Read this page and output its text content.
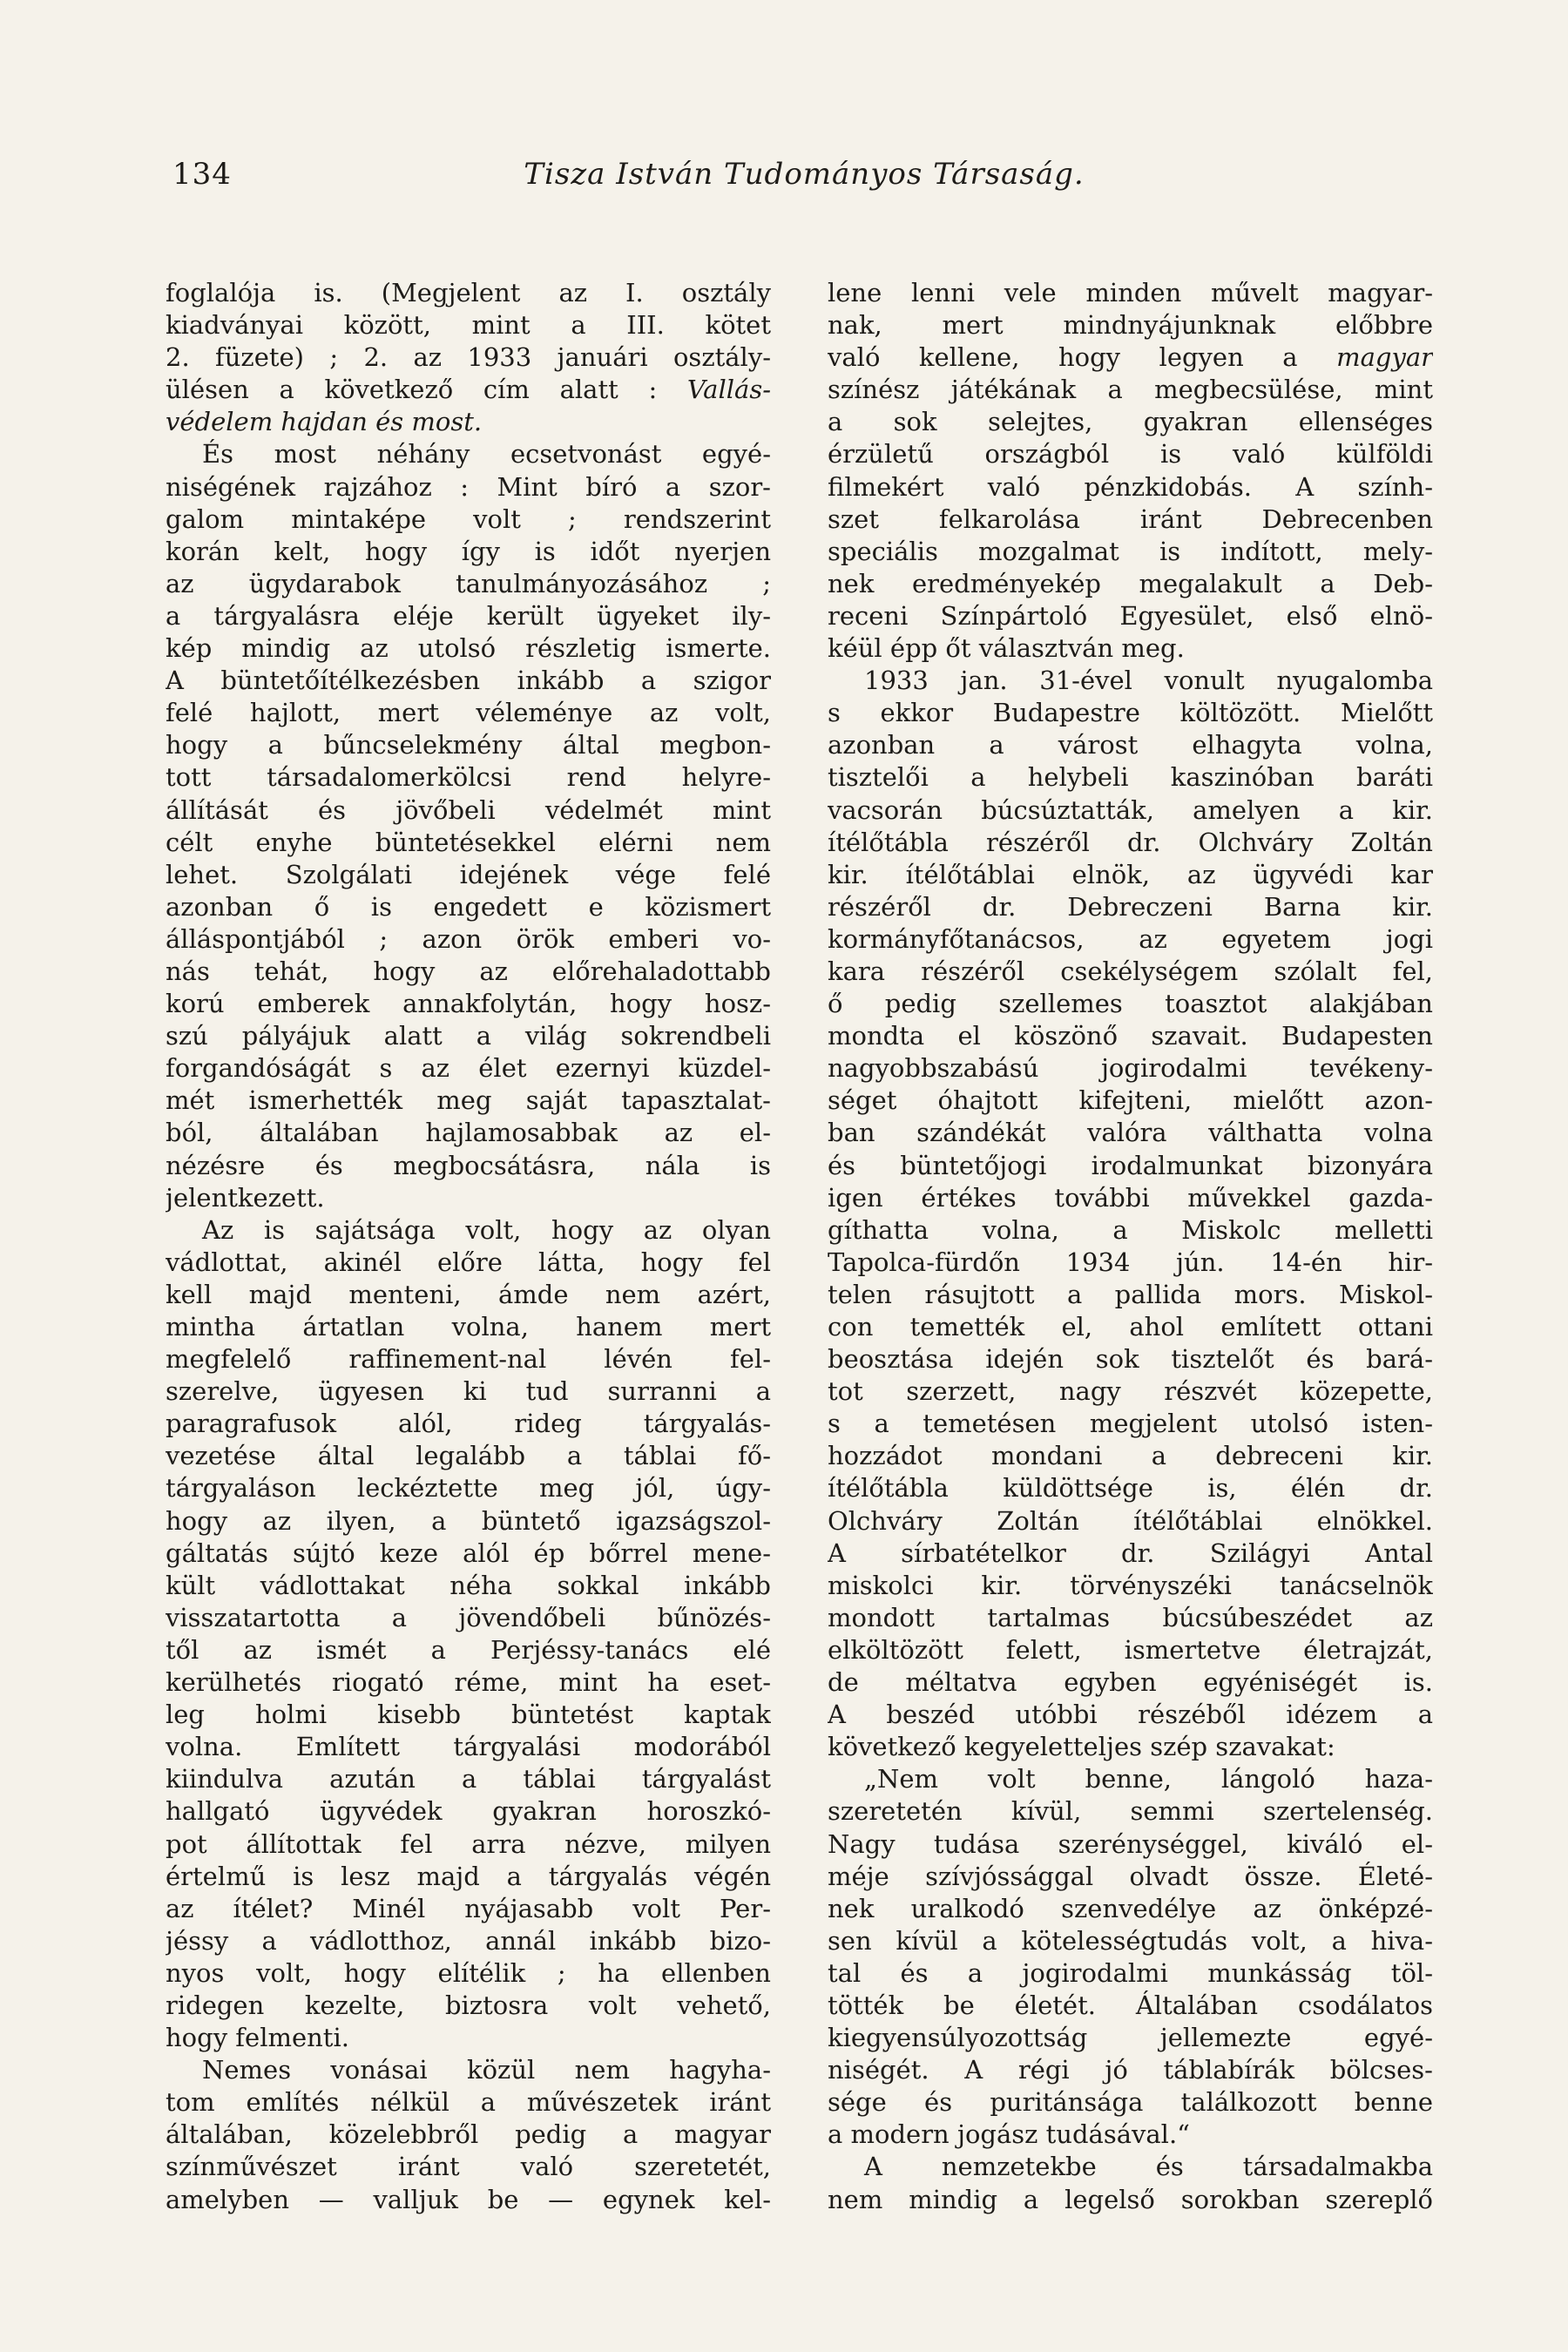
134	Tisza István Tudományos Társaság.
foglalója is. (Megjelent az I. osztály
kiadványai között, mint a III. kötet
2. füzete) ; 2. az 1933 januári osztály-
ülésen a következő cím alatt : Vallás-
védelem hajdan és most.
És most néhány ecsetvonást egyé-
niségének rajzához : Mint bíró a szor-
galom mintaképe volt ; rendszerint
korán kelt, hogy így is időt nyerjen
az ügydarabok tanulmányozásához ;
a tárgyalásra eléje került ügyeket ily-
kép mindig az utolsó részletig ismerte.
A büntetőítélkezésben inkább a szigor
felé hajlott, mert véleménye az volt,
hogy a bűncselekmény által megbon-
tott társadalomerkölcsi rend helyre-
állítását és jövőbeli védelmét mint
célt enyhe büntetésekkel elérni nem
lehet. Szolgálati idejének vége felé
azonban ő is engedett e közismert
álláspontjából ; azon örök emberi vo-
nás tehát, hogy az előrehaladottabb
korú emberek annakfolytán, hogy hosz-
szú pályájuk alatt a világ sokrendbeli
forgandóságát s az élet ezernyi küzdel-
mét ismerhették meg saját tapasztalat-
ból, általában hajlamosabbak az el-
nézésre és megbocsátásra, nála is
jelentkezett.
Az is sajátsága volt, hogy az olyan
vádlottat, akinél előre látta, hogy fel
kell majd menteni, ámde nem azért,
mintha ártatlan volna, hanem mert
megfelelő raffinement-nal lévén fel-
szerelve, ügyesen ki tud surranni a
paragrafusok alól, rideg tárgyalás-
vezetése által legalább a táblai fő-
tárgyaláson leckéztette meg jól, úgy-
hogy az ilyen, a büntető igazságszol-
gáltatás sújtó keze alól ép bőrrel mene-
kült vádlottakat néha sokkal inkább
visszatartotta a jövendőbeli bűnözés-
től az ismét a Perjéssy-tanács elé
kerülhetés riogató réme, mint ha eset-
leg holmi kisebb büntetést kaptak
volna. Említett tárgyalási modorából
kiindulva azután a táblai tárgyalást
hallgató ügyvédek gyakran horoszkó-
pot állítottak fel arra nézve, milyen
értelmű is lesz majd a tárgyalás végén
az ítélet? Minél nyájasabb volt Per-
jéssy a vádlotthoz, annál inkább bizo-
nyos volt, hogy elítélik ; ha ellenben
ridegen kezelte, biztosra volt vehető,
hogy felmenti.
Nemes vonásai közül nem hagyha-
tom említés nélkül a művészetek iránt
általában, közelebbről pedig a magyar
színművészet iránt való szeretetét,
amelyben — valljuk be — egynek kel-
lene lenni vele minden művelt magyar-
nak, mert mindnyájunknak előbbre
való kellene, hogy legyen a magyar
színész játékának a megbecsülése, mint
a sok selejtes, gyakran ellenséges
érzületű országból is való külföldi
filmekért való pénzkidobás. A szính-
szet felkarolása iránt Debrecenben
speciális mozgalmat is indított, mely-
nek eredményekép megalakult a Deb-
receni Színpártoló Egyesület, első elnö-
kéül épp őt választván meg.
1933 jan. 31-ével vonult nyugalomba
s ekkor Budapestre költözött. Mielőtt
azonban a várost elhagyta volna,
tisztelői a helybeli kaszinóban baráti
vacsorán búcsúztatták, amelyen a kir.
ítélőtábla részéről dr. Olchváry Zoltán
kir. ítélőtáblai elnök, az ügyvédi kar
részéről dr. Debreczeni Barna kir.
kormányfőtanácsos, az egyetem jogi
kara részéről csekélységem szólalt fel,
ő pedig szellemes toasztot alakjában
mondta el köszönő szavait. Budapesten
nagyobbszabású jogirodalmi tevékeny-
séget óhajtott kifejteni, mielőtt azon-
ban szándékát valóra válthatta volna
és büntetőjogi irodalmunkat bizonyára
igen értékes további művekkel gazda-
gíthatta volna, a Miskolc melletti
Tapolca-fürdőn 1934 jún. 14-én hir-
telen rásujtott a pallida mors. Miskol-
con temették el, ahol említett ottani
beosztása idején sok tisztelőt és bará-
tot szerzett, nagy részvét közepette,
s a temetésen megjelent utolsó isten-
hozzádot mondani a debreceni kir.
ítélőtábla küldöttsége is, élén dr.
Olchváry Zoltán ítélőtáblai elnökkel.
A sírbatételkor dr. Szilágyi Antal
miskolci kir. törvényszéki tanácselnök
mondott tartalmas búcsúbeszédet az
elköltözött felett, ismertetve életrajzát,
de méltatva egyben egyéniségét is.
A beszéd utóbbi részéből idézem a
következő kegyeletteljes szép szavakat:
„Nem volt benne, lángoló haza-
szeretetén kívül, semmi szertelenség.
Nagy tudása szerénységgel, kiváló el-
méje szívjóssággal olvadt össze. Életé-
nek uralkodó szenvedélye az önképzé-
sen kívül a kötelességtudás volt, a hiva-
tal és a jogirodalmi munkásság töl-
tötték be életét. Általában csodálatos
kiegyensúlyozottság jellemezte egyé-
niségét. A régi jó táblabírák bölcses-
sége és puritánsága találkozott benne
a modern jogász tudásával.“
A nemzetekbe és társadalmakba
nem mindig a legelső sorokban szereplő
